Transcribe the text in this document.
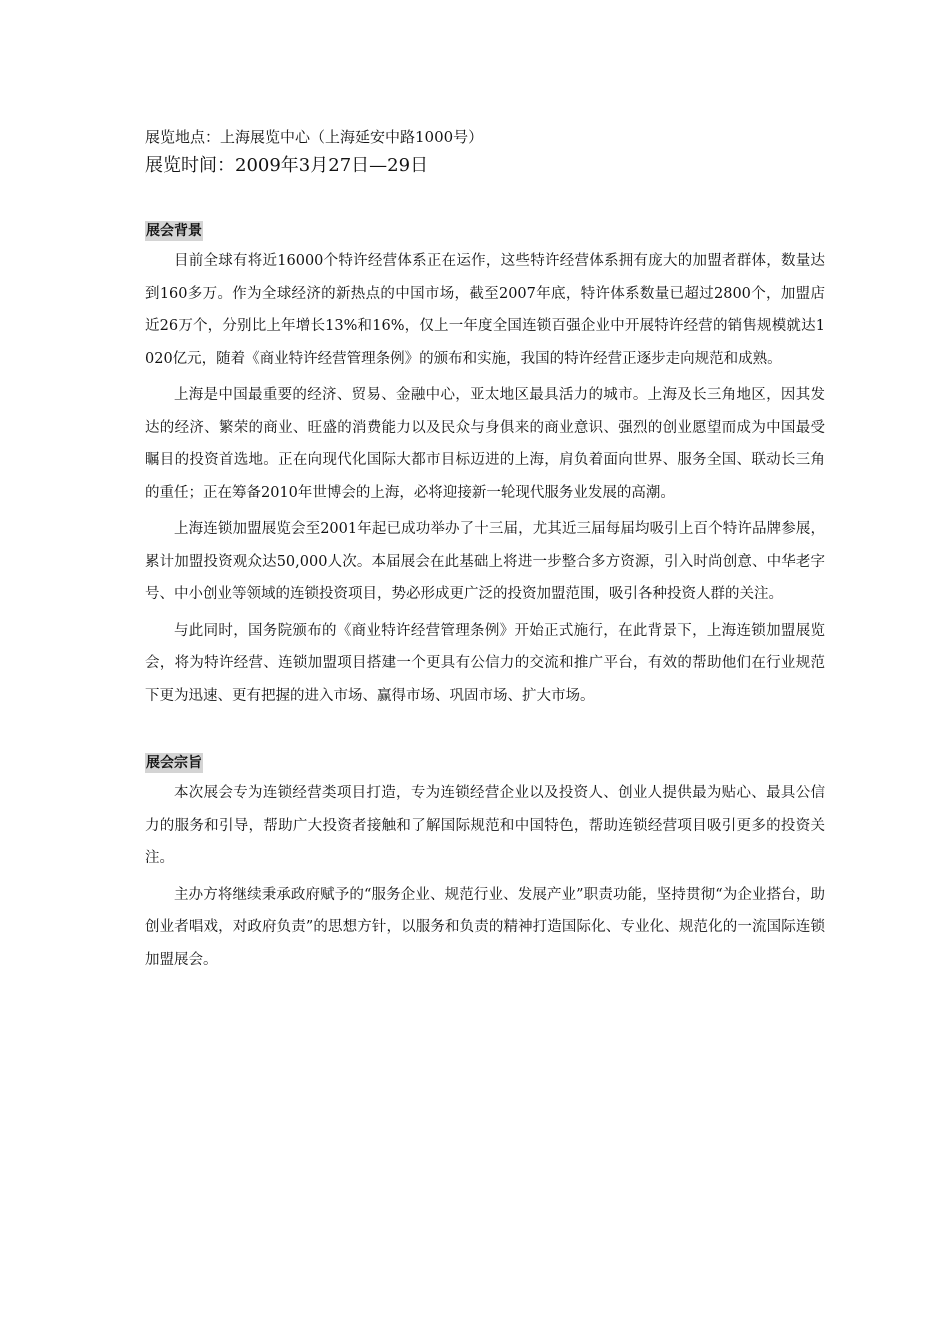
展览地点：上海展览中心（上海延安中路1000号）

展览时间：2009年3月27日—29日

展会背景

目前全球有将近16000个特许经营体系正在运作，这些特许经营体系拥有庞大的加盟者群体，数量达到160多万。作为全球经济的新热点的中国市场，截至2007年底，特许体系数量已超过2800个，加盟店近26万个，分别比上年增长13%和16%，仅上一年度全国连锁百强企业中开展特许经营的销售规模就达1020亿元，随着《商业特许经营管理条例》的颁布和实施，我国的特许经营正逐步走向规范和成熟。

上海是中国最重要的经济、贸易、金融中心，亚太地区最具活力的城市。上海及长三角地区，因其发达的经济、繁荣的商业、旺盛的消费能力以及民众与身俱来的商业意识、强烈的创业愿望而成为中国最受瞩目的投资首选地。正在向现代化国际大都市目标迈进的上海，肩负着面向世界、服务全国、联动长三角的重任；正在筹备2010年世博会的上海，必将迎接新一轮现代服务业发展的高潮。

上海连锁加盟展览会至2001年起已成功举办了十三届，尤其近三届每届均吸引上百个特许品牌参展，累计加盟投资观众达50,000人次。本届展会在此基础上将进一步整合多方资源，引入时尚创意、中华老字号、中小创业等领域的连锁投资项目，势必形成更广泛的投资加盟范围，吸引各种投资人群的关注。

与此同时，国务院颁布的《商业特许经营管理条例》开始正式施行，在此背景下，上海连锁加盟展览会，将为特许经营、连锁加盟项目搭建一个更具有公信力的交流和推广平台，有效的帮助他们在行业规范下更为迅速、更有把握的进入市场、赢得市场、巩固市场、扩大市场。

展会宗旨

本次展会专为连锁经营类项目打造，专为连锁经营企业以及投资人、创业人提供最为贴心、最具公信力的服务和引导，帮助广大投资者接触和了解国际规范和中国特色，帮助连锁经营项目吸引更多的投资关注。

主办方将继续秉承政府赋予的“服务企业、规范行业、发展产业”职责功能，坚持贯彻“为企业搭台，助创业者唱戏，对政府负责”的思想方针，以服务和负责的精神打造国际化、专业化、规范化的一流国际连锁加盟展会。
